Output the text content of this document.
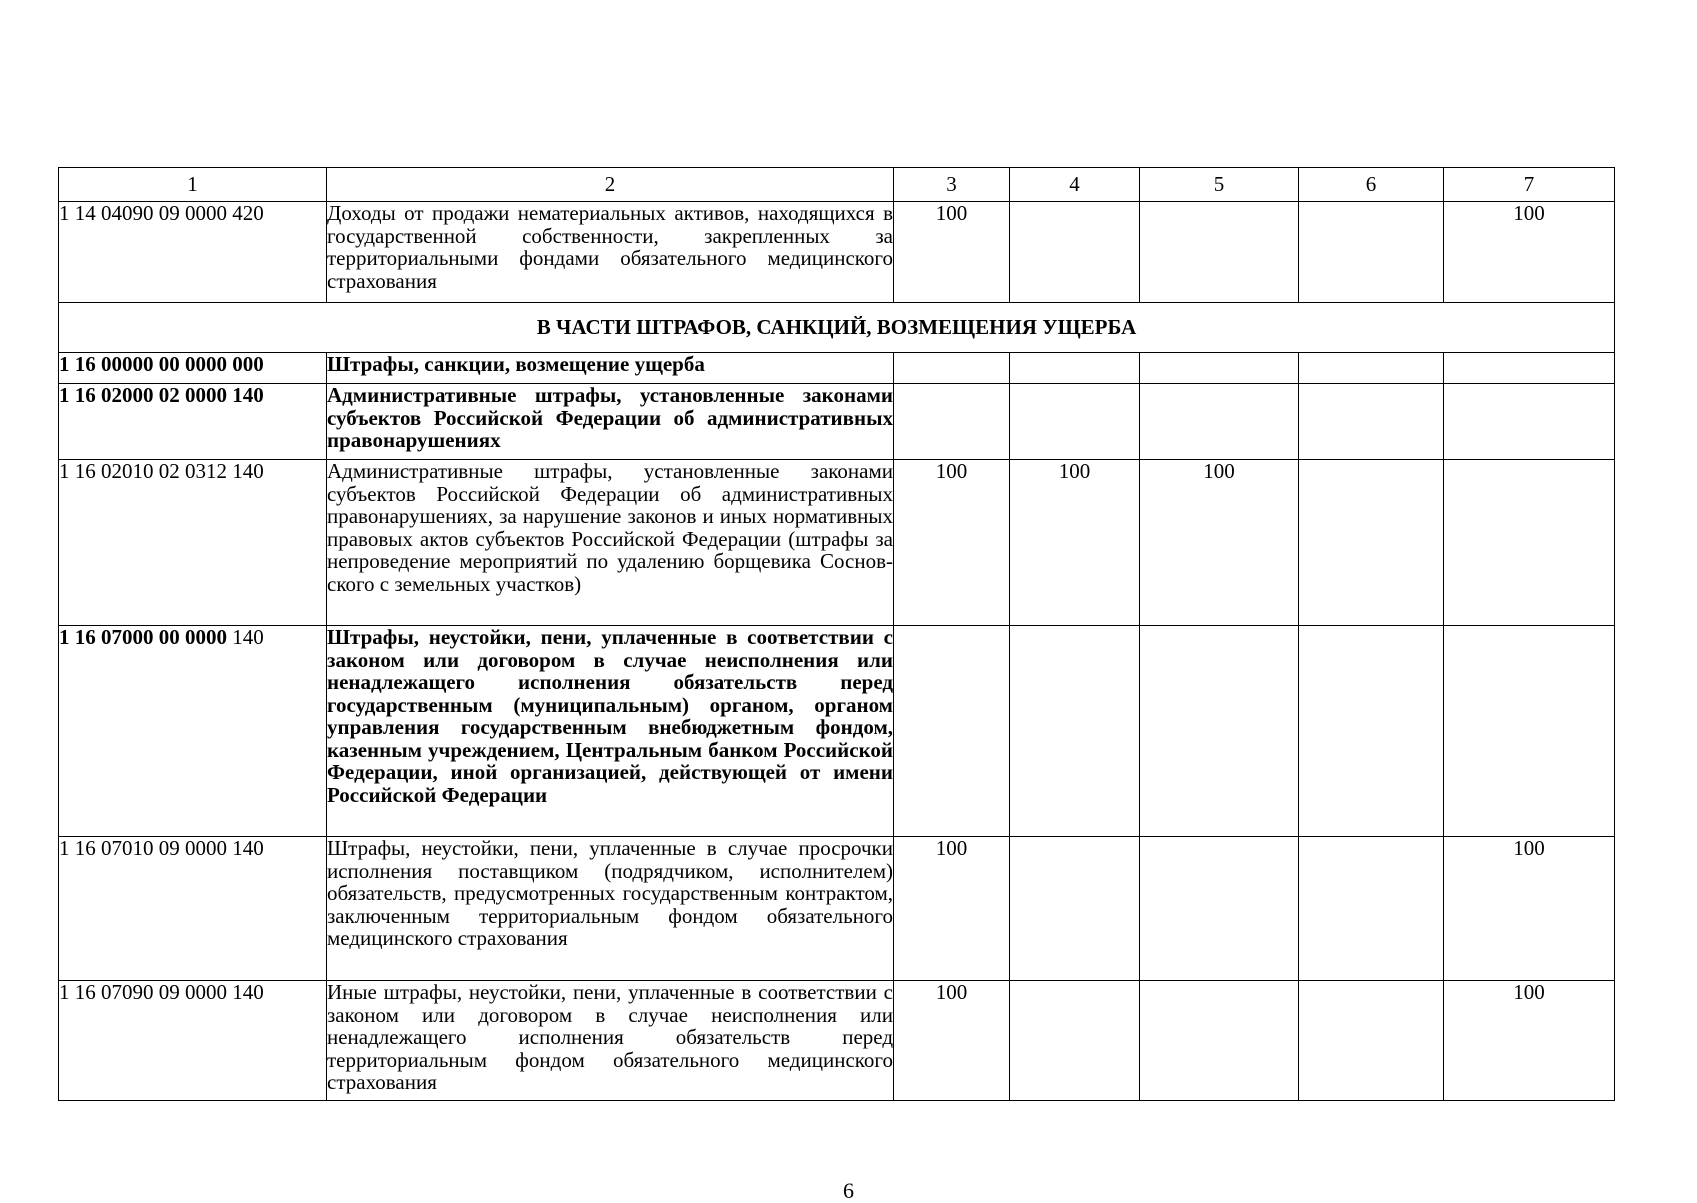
1	2	3	4	5	6	7
1 14 04090 09 0000 420	Доходы от продажи нематериальных активов, находящихся в государственной собственности, закрепленных за территориальными фондами обязательного медицинского страхования	100				100
В ЧАСТИ ШТРАФОВ, САНКЦИЙ, ВОЗМЕЩЕНИЯ УЩЕРБА						
1 16 00000 00 0000 000	Штрафы, санкции, возмещение ущерба					
1 16 02000 02 0000 140	Административные штрафы, установленные законами субъектов Российской Федерации об административных правонарушениях					
1 16 02010 02 0312 140	Административные штрафы, установленные законами субъектов Российской Федерации об административных правонарушениях, за нарушение законов и иных нормативных правовых актов субъектов Российской Федерации (штрафы за непроведение мероприятий по удалению борщевика Сосновского с земельных участков)	100	100	100		
1 16 07000 00 0000 140	Штрафы, неустойки, пени, уплаченные в соответствии с законом или договором в случае неисполнения или ненадлежащего исполнения обязательств перед государственным (муниципальным) органом, органом управления государственным внебюджетным фондом, казенным учреждением, Центральным банком Российской Федерации, иной организацией, действующей от имени Российской Федерации					
1 16 07010 09 0000 140	Штрафы, неустойки, пени, уплаченные в случае просрочки исполнения поставщиком (подрядчиком, исполнителем) обязательств, предусмотренных государственным контрактом, заключенным территориальным фондом обязательного медицинского страхования	100				100
1 16 07090 09 0000 140	Иные штрафы, неустойки, пени, уплаченные в соответствии с законом или договором в случае неисполнения или ненадлежащего исполнения обязательств перед территориальным фондом обязательного медицинского страхования	100				100
6
